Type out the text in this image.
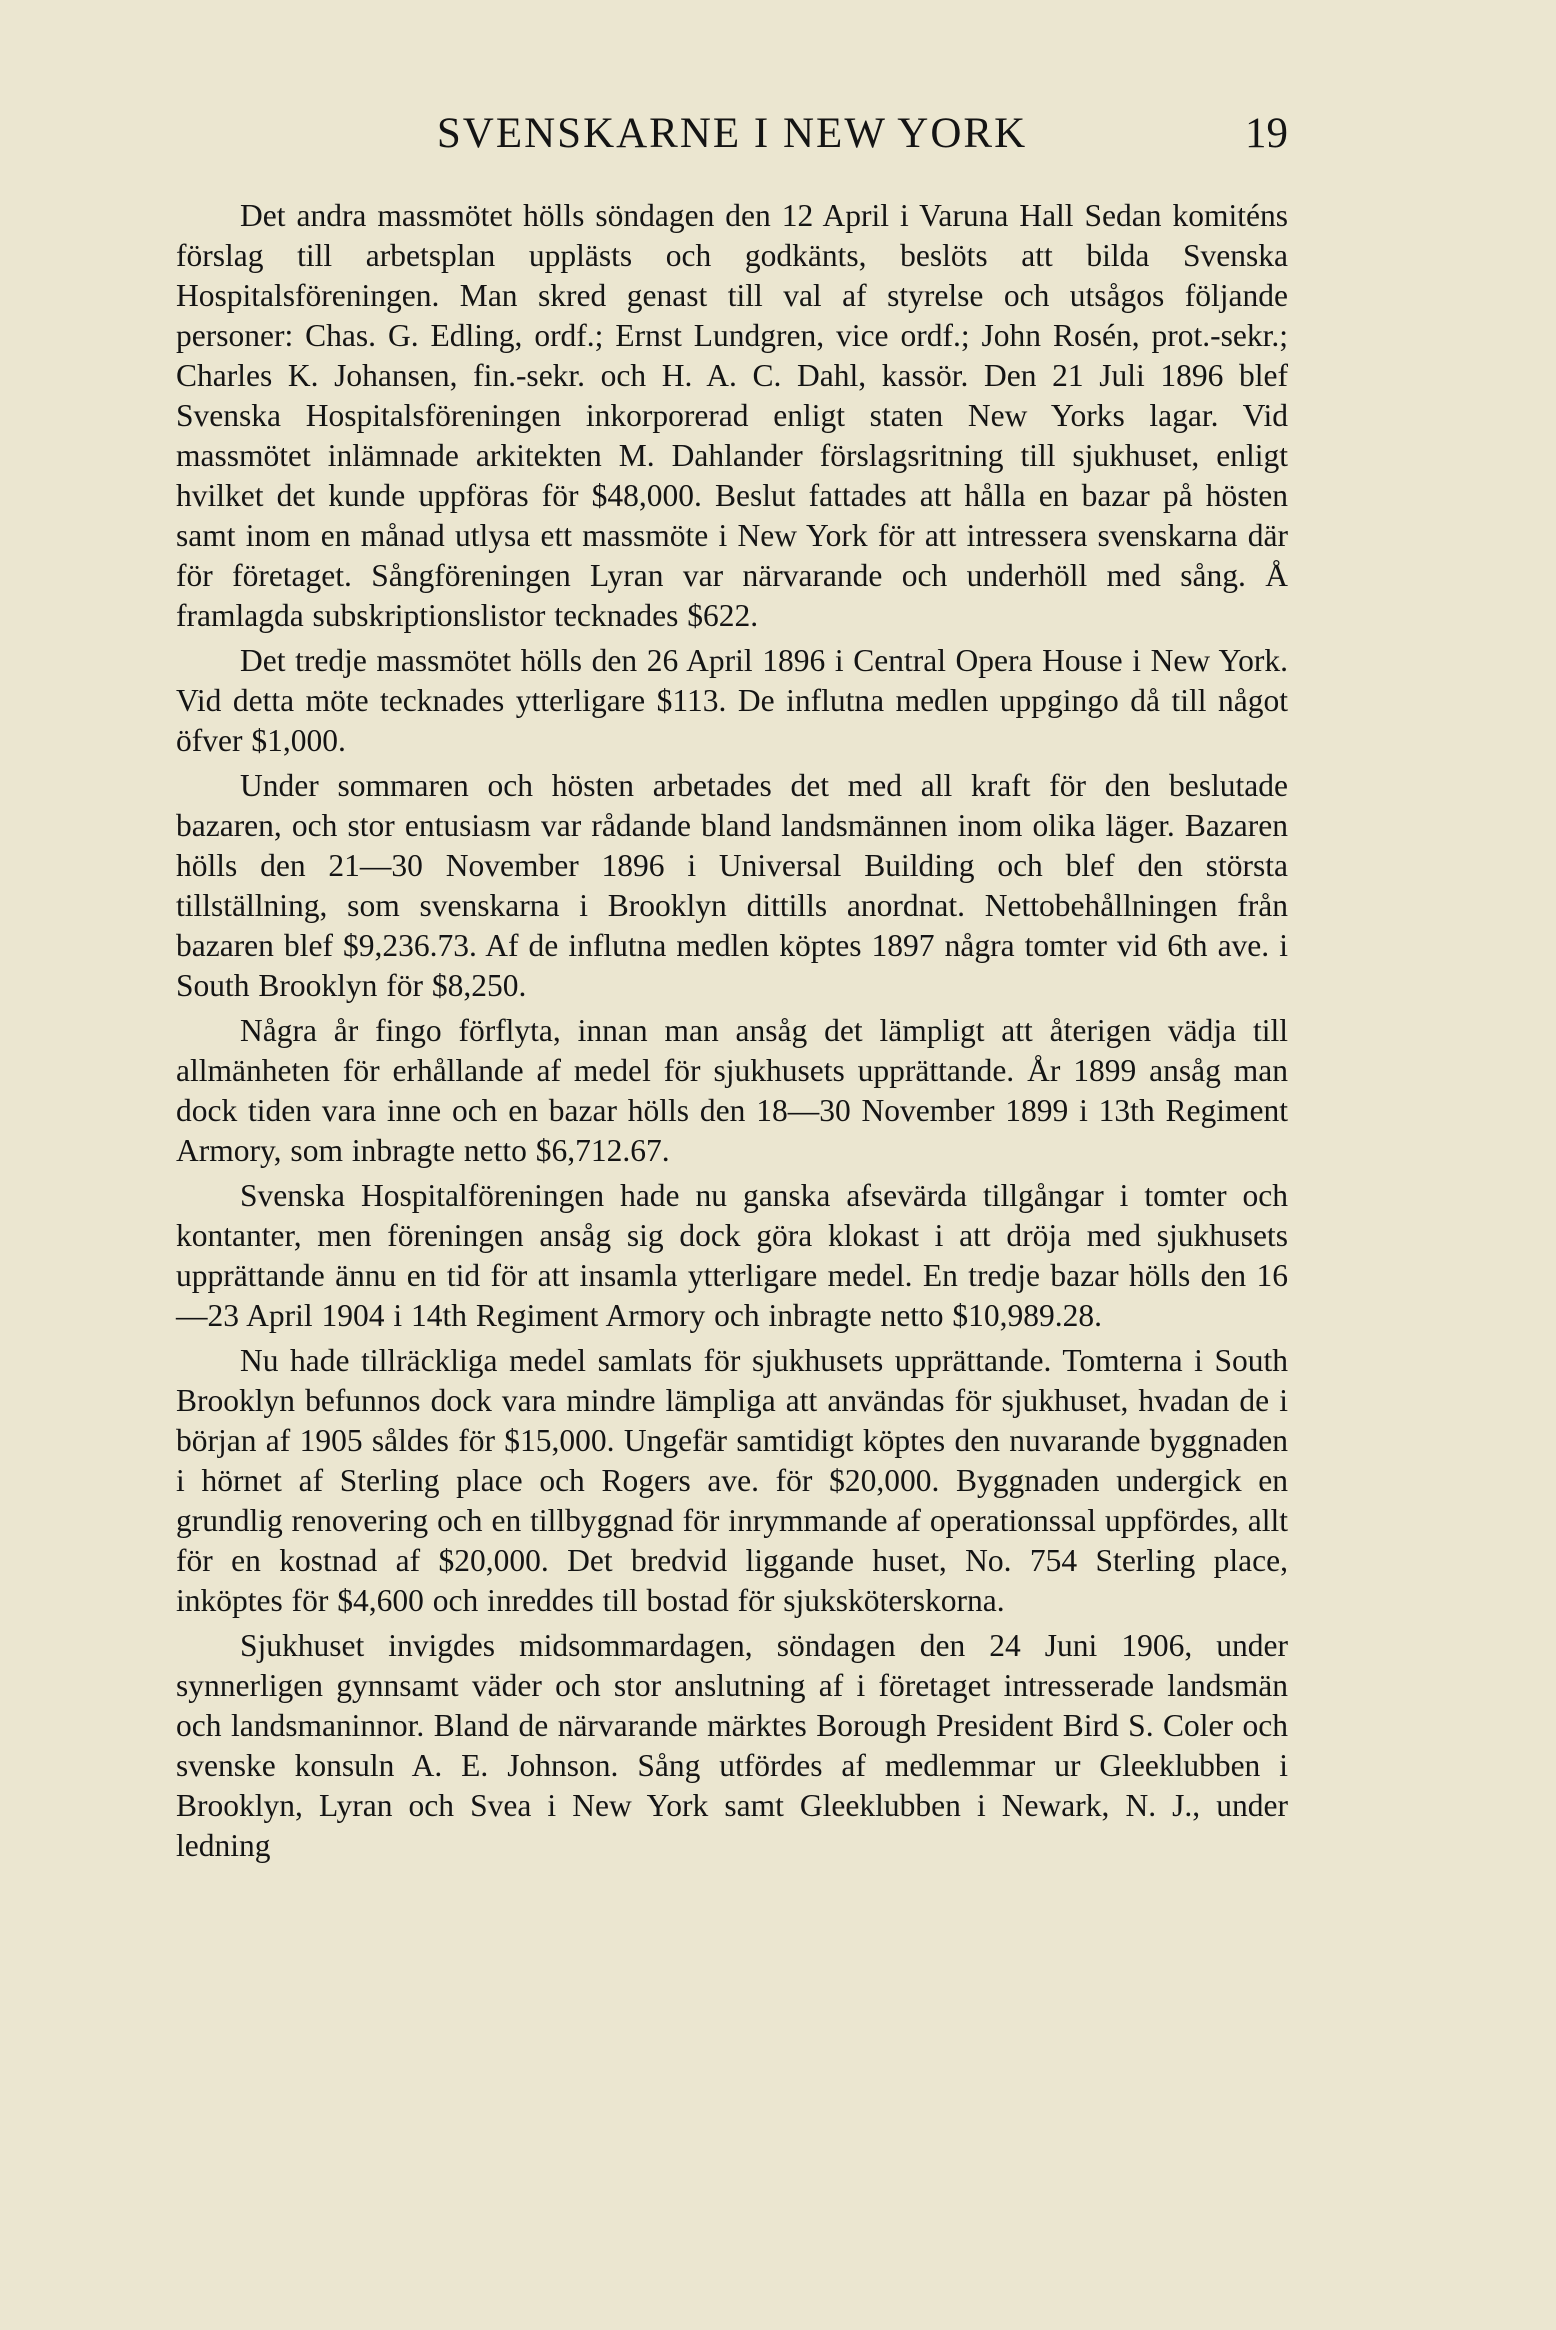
SVENSKARNE I NEW YORK	19

Det andra massmötet hölls söndagen den 12 April i Varuna Hall Sedan komiténs förslag till arbetsplan upplästs och godkänts, beslöts att bilda Svenska Hospitalsföreningen. Man skred genast till val af styrelse och utsågos följande personer: Chas. G. Edling, ordf.; Ernst Lundgren, vice ordf.; John Rosén, prot.-sekr.; Charles K. Johansen, fin.-sekr. och H. A. C. Dahl, kassör. Den 21 Juli 1896 blef Svenska Hospitalsföreningen inkorporerad enligt staten New Yorks lagar. Vid massmötet inlämnade arkitekten M. Dahlander förslagsritning till sjukhuset, enligt hvilket det kunde uppföras för $48,000. Beslut fattades att hålla en bazar på hösten samt inom en månad utlysa ett massmöte i New York för att intressera svenskarna där för företaget. Sångföreningen Lyran var närvarande och underhöll med sång. Å framlagda subskriptionslistor tecknades $622.

Det tredje massmötet hölls den 26 April 1896 i Central Opera House i New York. Vid detta möte tecknades ytterligare $113. De influtna medlen uppgingo då till något öfver $1,000.

Under sommaren och hösten arbetades det med all kraft för den beslutade bazaren, och stor entusiasm var rådande bland landsmännen inom olika läger. Bazaren hölls den 21—30 November 1896 i Universal Building och blef den största tillställning, som svenskarna i Brooklyn dittills anordnat. Nettobehållningen från bazaren blef $9,236.73. Af de influtna medlen köptes 1897 några tomter vid 6th ave. i South Brooklyn för $8,250.

Några år fingo förflyta, innan man ansåg det lämpligt att återigen vädja till allmänheten för erhållande af medel för sjukhusets upprättande. År 1899 ansåg man dock tiden vara inne och en bazar hölls den 18—30 November 1899 i 13th Regiment Armory, som inbragte netto $6,712.67.

Svenska Hospitalföreningen hade nu ganska afsevärda tillgångar i tomter och kontanter, men föreningen ansåg sig dock göra klokast i att dröja med sjukhusets upprättande ännu en tid för att insamla ytterligare medel. En tredje bazar hölls den 16—23 April 1904 i 14th Regiment Armory och inbragte netto $10,989.28.

Nu hade tillräckliga medel samlats för sjukhusets upprättande. Tomterna i South Brooklyn befunnos dock vara mindre lämpliga att användas för sjukhuset, hvadan de i början af 1905 såldes för $15,000. Ungefär samtidigt köptes den nuvarande byggnaden i hörnet af Sterling place och Rogers ave. för $20,000. Byggnaden undergick en grundlig renovering och en tillbyggnad för inrymmande af operationssal uppfördes, allt för en kostnad af $20,000. Det bredvid liggande huset, No. 754 Sterling place, inköptes för $4,600 och inreddes till bostad för sjuksköterskorna.

Sjukhuset invigdes midsommardagen, söndagen den 24 Juni 1906, under synnerligen gynnsamt väder och stor anslutning af i företaget intresserade landsmän och landsmaninnor. Bland de närvarande märktes Borough President Bird S. Coler och svenske konsuln A. E. Johnson. Sång utfördes af medlemmar ur Gleeklubben i Brooklyn, Lyran och Svea i New York samt Gleeklubben i Newark, N. J., under ledning
